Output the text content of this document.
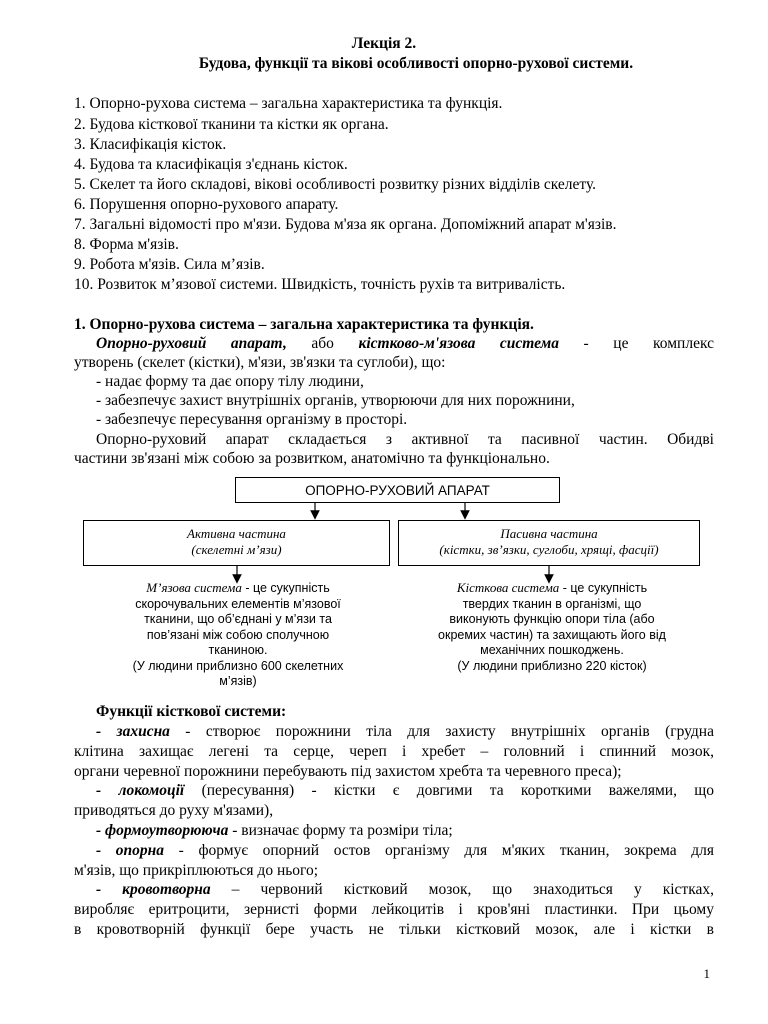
Лекція 2.
Будова, функції та вікові особливості опорно-рухової системи.
1. Опорно-рухова система – загальна характеристика та функція.
2. Будова кісткової тканини та кістки як органа.
3. Класифікація кісток.
4. Будова та класифікація з'єднань кісток.
5. Скелет та його складові, вікові особливості розвитку різних відділів скелету.
6. Порушення опорно-рухового апарату.
7. Загальні відомості про м'язи. Будова м'яза як органа. Допоміжний апарат м'язів.
8. Форма м'язів.
9. Робота м'язів. Сила м’язів.
10. Розвиток м’язової системи. Швидкість, точність рухів та витривалість.
1. Опорно-рухова система – загальна характеристика та функція.
Опорно-руховий апарат, або кістково-м'язова система - це комплекс
утворень (скелет (кістки), м'язи, зв'язки та суглоби), що:
- надає форму та дає опору тілу людини,
- забезпечує захист внутрішніх органів, утворюючи для них порожнини,
- забезпечує пересування організму в просторі.
Опорно-руховий апарат складається з активної та пасивної частин. Обидві
частини зв'язані між собою за розвитком, анатомічно та функціонально.
ОПОРНО-РУХОВИЙ АПАРАТ
Активна частина
(скелетні м’язи)
Пасивна частина
(кістки, зв’язки, суглоби, хрящі, фасції)
М’язова система - це сукупність
скорочувальних елементів м’язової
тканини, що об’єднані у м’язи та
пов’язані між собою сполучною
тканиною.
(У людини приблизно 600 скелетних
м’язів)
Кісткова система - це сукупність
твердих тканин в організмі, що
виконують функцію опори тіла (або
окремих частин) та захищають його від
механічних пошкоджень.
(У людини приблизно 220 кісток)
Функції кісткової системи:
- захисна - створює порожнини тіла для захисту внутрішніх органів (грудна
клітина захищає легені та серце, череп і хребет – головний і спинний мозок,
органи черевної порожнини перебувають під захистом хребта та черевного преса);
- локомоції (пересування) - кістки є довгими та короткими важелями, що
приводяться до руху м'язами),
- формоутворююча - визначає форму та розміри тіла;
- опорна - формує опорний остов організму для м'яких тканин, зокрема для
м'язів, що прикріплюються до нього;
- кровотворна – червоний кістковий мозок, що знаходиться у кістках,
виробляє еритроцити, зернисті форми лейкоцитів і кров'яні пластинки. При цьому
в кровотворній функції бере участь не тільки кістковий мозок, але і кістки в
1
